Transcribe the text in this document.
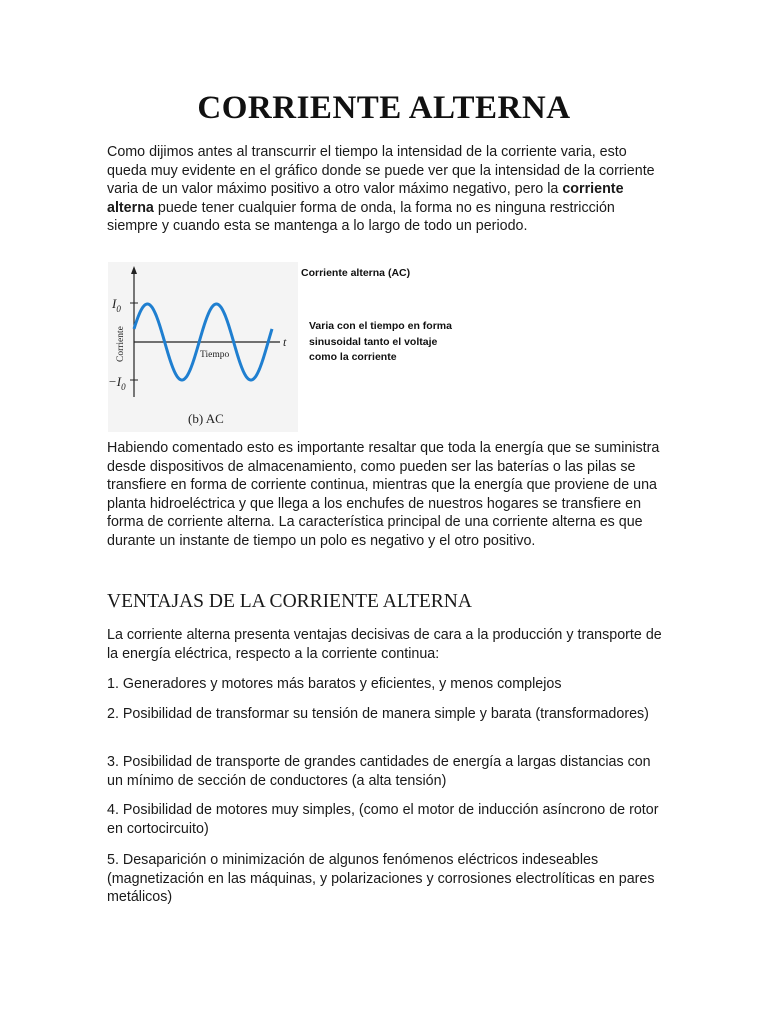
CORRIENTE ALTERNA
Como dijimos antes al transcurrir el tiempo la intensidad de la corriente varia, esto queda muy evidente en el gráfico donde se puede ver que la intensidad de la corriente varia de un valor máximo positivo a otro valor máximo negativo, pero la corriente alterna puede tener cualquier forma de onda, la forma no es ninguna restricción siempre y cuando esta se mantenga a lo largo de todo un periodo.
$I_0$
$-I_0$
Corriente	t
Tiempo
(b) AC
Corriente alterna (AC)
Varia con el tiempo en forma sinusoidal tanto el voltaje como la corriente
Habiendo comentado esto es importante resaltar que toda la energía que se suministra desde dispositivos de almacenamiento, como pueden ser las baterías o las pilas se transfiere en forma de corriente continua, mientras que la energía que proviene de una planta hidroeléctrica y que llega a los enchufes de nuestros hogares se transfiere en forma de corriente alterna. La característica principal de una corriente alterna es que durante un instante de tiempo un polo es negativo y el otro positivo.
VENTAJAS DE LA CORRIENTE ALTERNA
La corriente alterna presenta ventajas decisivas de cara a la producción y transporte de la energía eléctrica, respecto a la corriente continua:
1. Generadores y motores más baratos y eficientes, y menos complejos
2. Posibilidad de transformar su tensión de manera simple y barata (transformadores)
3. Posibilidad de transporte de grandes cantidades de energía a largas distancias con un mínimo de sección de conductores (a alta tensión)
4. Posibilidad de motores muy simples, (como el motor de inducción asíncrono de rotor en cortocircuito)
5. Desaparición o minimización de algunos fenómenos eléctricos indeseables (magnetización en las máquinas, y polarizaciones y corrosiones electrolíticas en pares metálicos)
